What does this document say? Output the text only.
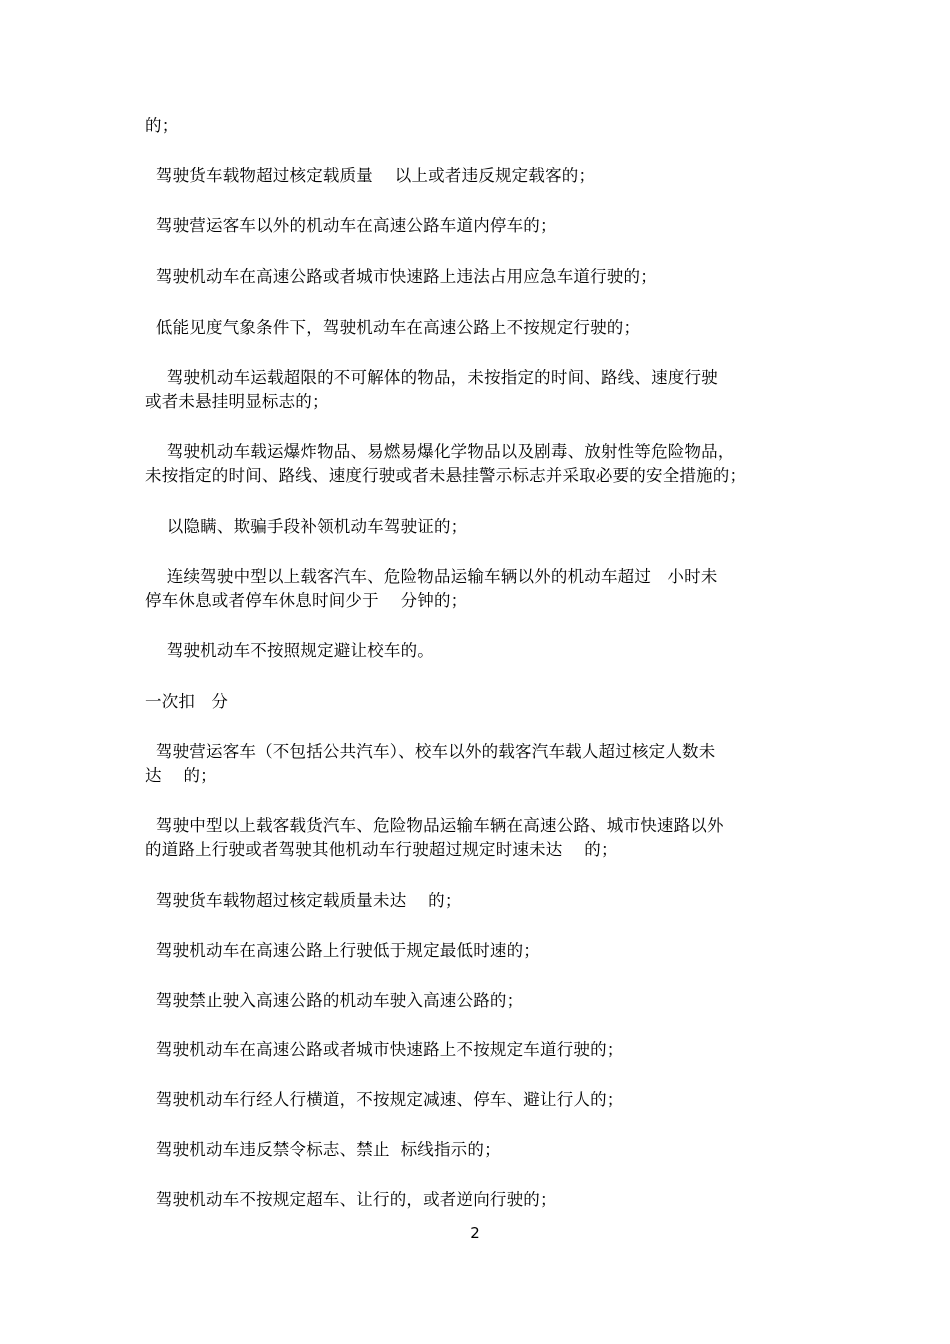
的；
驾驶货车载物超过核定载质量    以上或者违反规定载客的；
驾驶营运客车以外的机动车在高速公路车道内停车的；
驾驶机动车在高速公路或者城市快速路上违法占用应急车道行驶的；
低能见度气象条件下，驾驶机动车在高速公路上不按规定行驶的；
驾驶机动车运载超限的不可解体的物品，未按指定的时间、路线、速度行驶
或者未悬挂明显标志的；
驾驶机动车载运爆炸物品、易燃易爆化学物品以及剧毒、放射性等危险物品，
未按指定的时间、路线、速度行驶或者未悬挂警示标志并采取必要的安全措施的；
以隐瞒、欺骗手段补领机动车驾驶证的；
连续驾驶中型以上载客汽车、危险物品运输车辆以外的机动车超过   小时未
停车休息或者停车休息时间少于    分钟的；
驾驶机动车不按照规定避让校车的。
一次扣   分
驾驶营运客车（不包括公共汽车）、校车以外的载客汽车载人超过核定人数未
达    的；
驾驶中型以上载客载货汽车、危险物品运输车辆在高速公路、城市快速路以外
的道路上行驶或者驾驶其他机动车行驶超过规定时速未达    的；
驾驶货车载物超过核定载质量未达    的；
驾驶机动车在高速公路上行驶低于规定最低时速的；
驾驶禁止驶入高速公路的机动车驶入高速公路的；
驾驶机动车在高速公路或者城市快速路上不按规定车道行驶的；
驾驶机动车行经人行横道，不按规定减速、停车、避让行人的；
驾驶机动车违反禁令标志、禁止  标线指示的；
驾驶机动车不按规定超车、让行的，或者逆向行驶的；
2
